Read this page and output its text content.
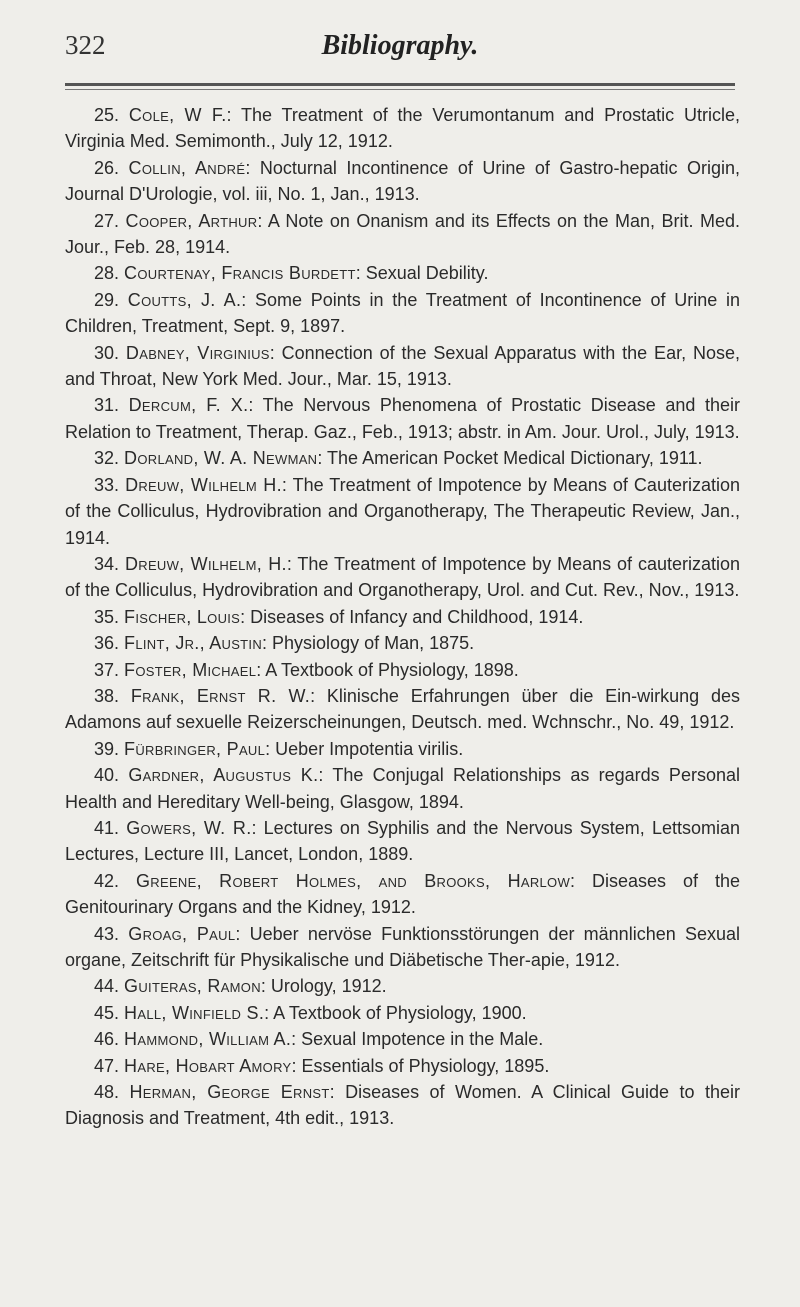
322	Bibliography.

25. Cole, W F.: The Treatment of the Verumontanum and Prostatic Utricle, Virginia Med. Semimonth., July 12, 1912.

26. Collin, André: Nocturnal Incontinence of Urine of Gastro-hepatic Origin, Journal D'Urologie, vol. iii, No. 1, Jan., 1913.

27. Cooper, Arthur: A Note on Onanism and its Effects on the Man, Brit. Med. Jour., Feb. 28, 1914.

28. Courtenay, Francis Burdett: Sexual Debility.

29. Coutts, J. A.: Some Points in the Treatment of Incontinence of Urine in Children, Treatment, Sept. 9, 1897.

30. Dabney, Virginius: Connection of the Sexual Apparatus with the Ear, Nose, and Throat, New York Med. Jour., Mar. 15, 1913.

31. Dercum, F. X.: The Nervous Phenomena of Prostatic Disease and their Relation to Treatment, Therap. Gaz., Feb., 1913; abstr. in Am. Jour. Urol., July, 1913.

32. Dorland, W. A. Newman: The American Pocket Medical Dictionary, 1911.

33. Dreuw, Wilhelm H.: The Treatment of Impotence by Means of Cauterization of the Colliculus, Hydrovibration and Organotherapy, The Therapeutic Review, Jan., 1914.

34. Dreuw, Wilhelm, H.: The Treatment of Impotence by Means of cauterization of the Colliculus, Hydrovibration and Organotherapy, Urol. and Cut. Rev., Nov., 1913.

35. Fischer, Louis: Diseases of Infancy and Childhood, 1914.

36. Flint, Jr., Austin: Physiology of Man, 1875.

37. Foster, Michael: A Textbook of Physiology, 1898.

38. Frank, Ernst R. W.: Klinische Erfahrungen über die Ein-wirkung des Adamons auf sexuelle Reizerscheinungen, Deutsch. med. Wchnschr., No. 49, 1912.

39. Fürbringer, Paul: Ueber Impotentia virilis.

40. Gardner, Augustus K.: The Conjugal Relationships as regards Personal Health and Hereditary Well-being, Glasgow, 1894.

41. Gowers, W. R.: Lectures on Syphilis and the Nervous System, Lettsomian Lectures, Lecture III, Lancet, London, 1889.

42. Greene, Robert Holmes, and Brooks, Harlow: Diseases of the Genitourinary Organs and the Kidney, 1912.

43. Groag, Paul: Ueber nervöse Funktionsstörungen der männlichen Sexual organe, Zeitschrift für Physikalische und Diäbetische Ther-apie, 1912.

44. Guiteras, Ramon: Urology, 1912.

45. Hall, Winfield S.: A Textbook of Physiology, 1900.

46. Hammond, William A.: Sexual Impotence in the Male.

47. Hare, Hobart Amory: Essentials of Physiology, 1895.

48. Herman, George Ernst: Diseases of Women. A Clinical Guide to their Diagnosis and Treatment, 4th edit., 1913.
